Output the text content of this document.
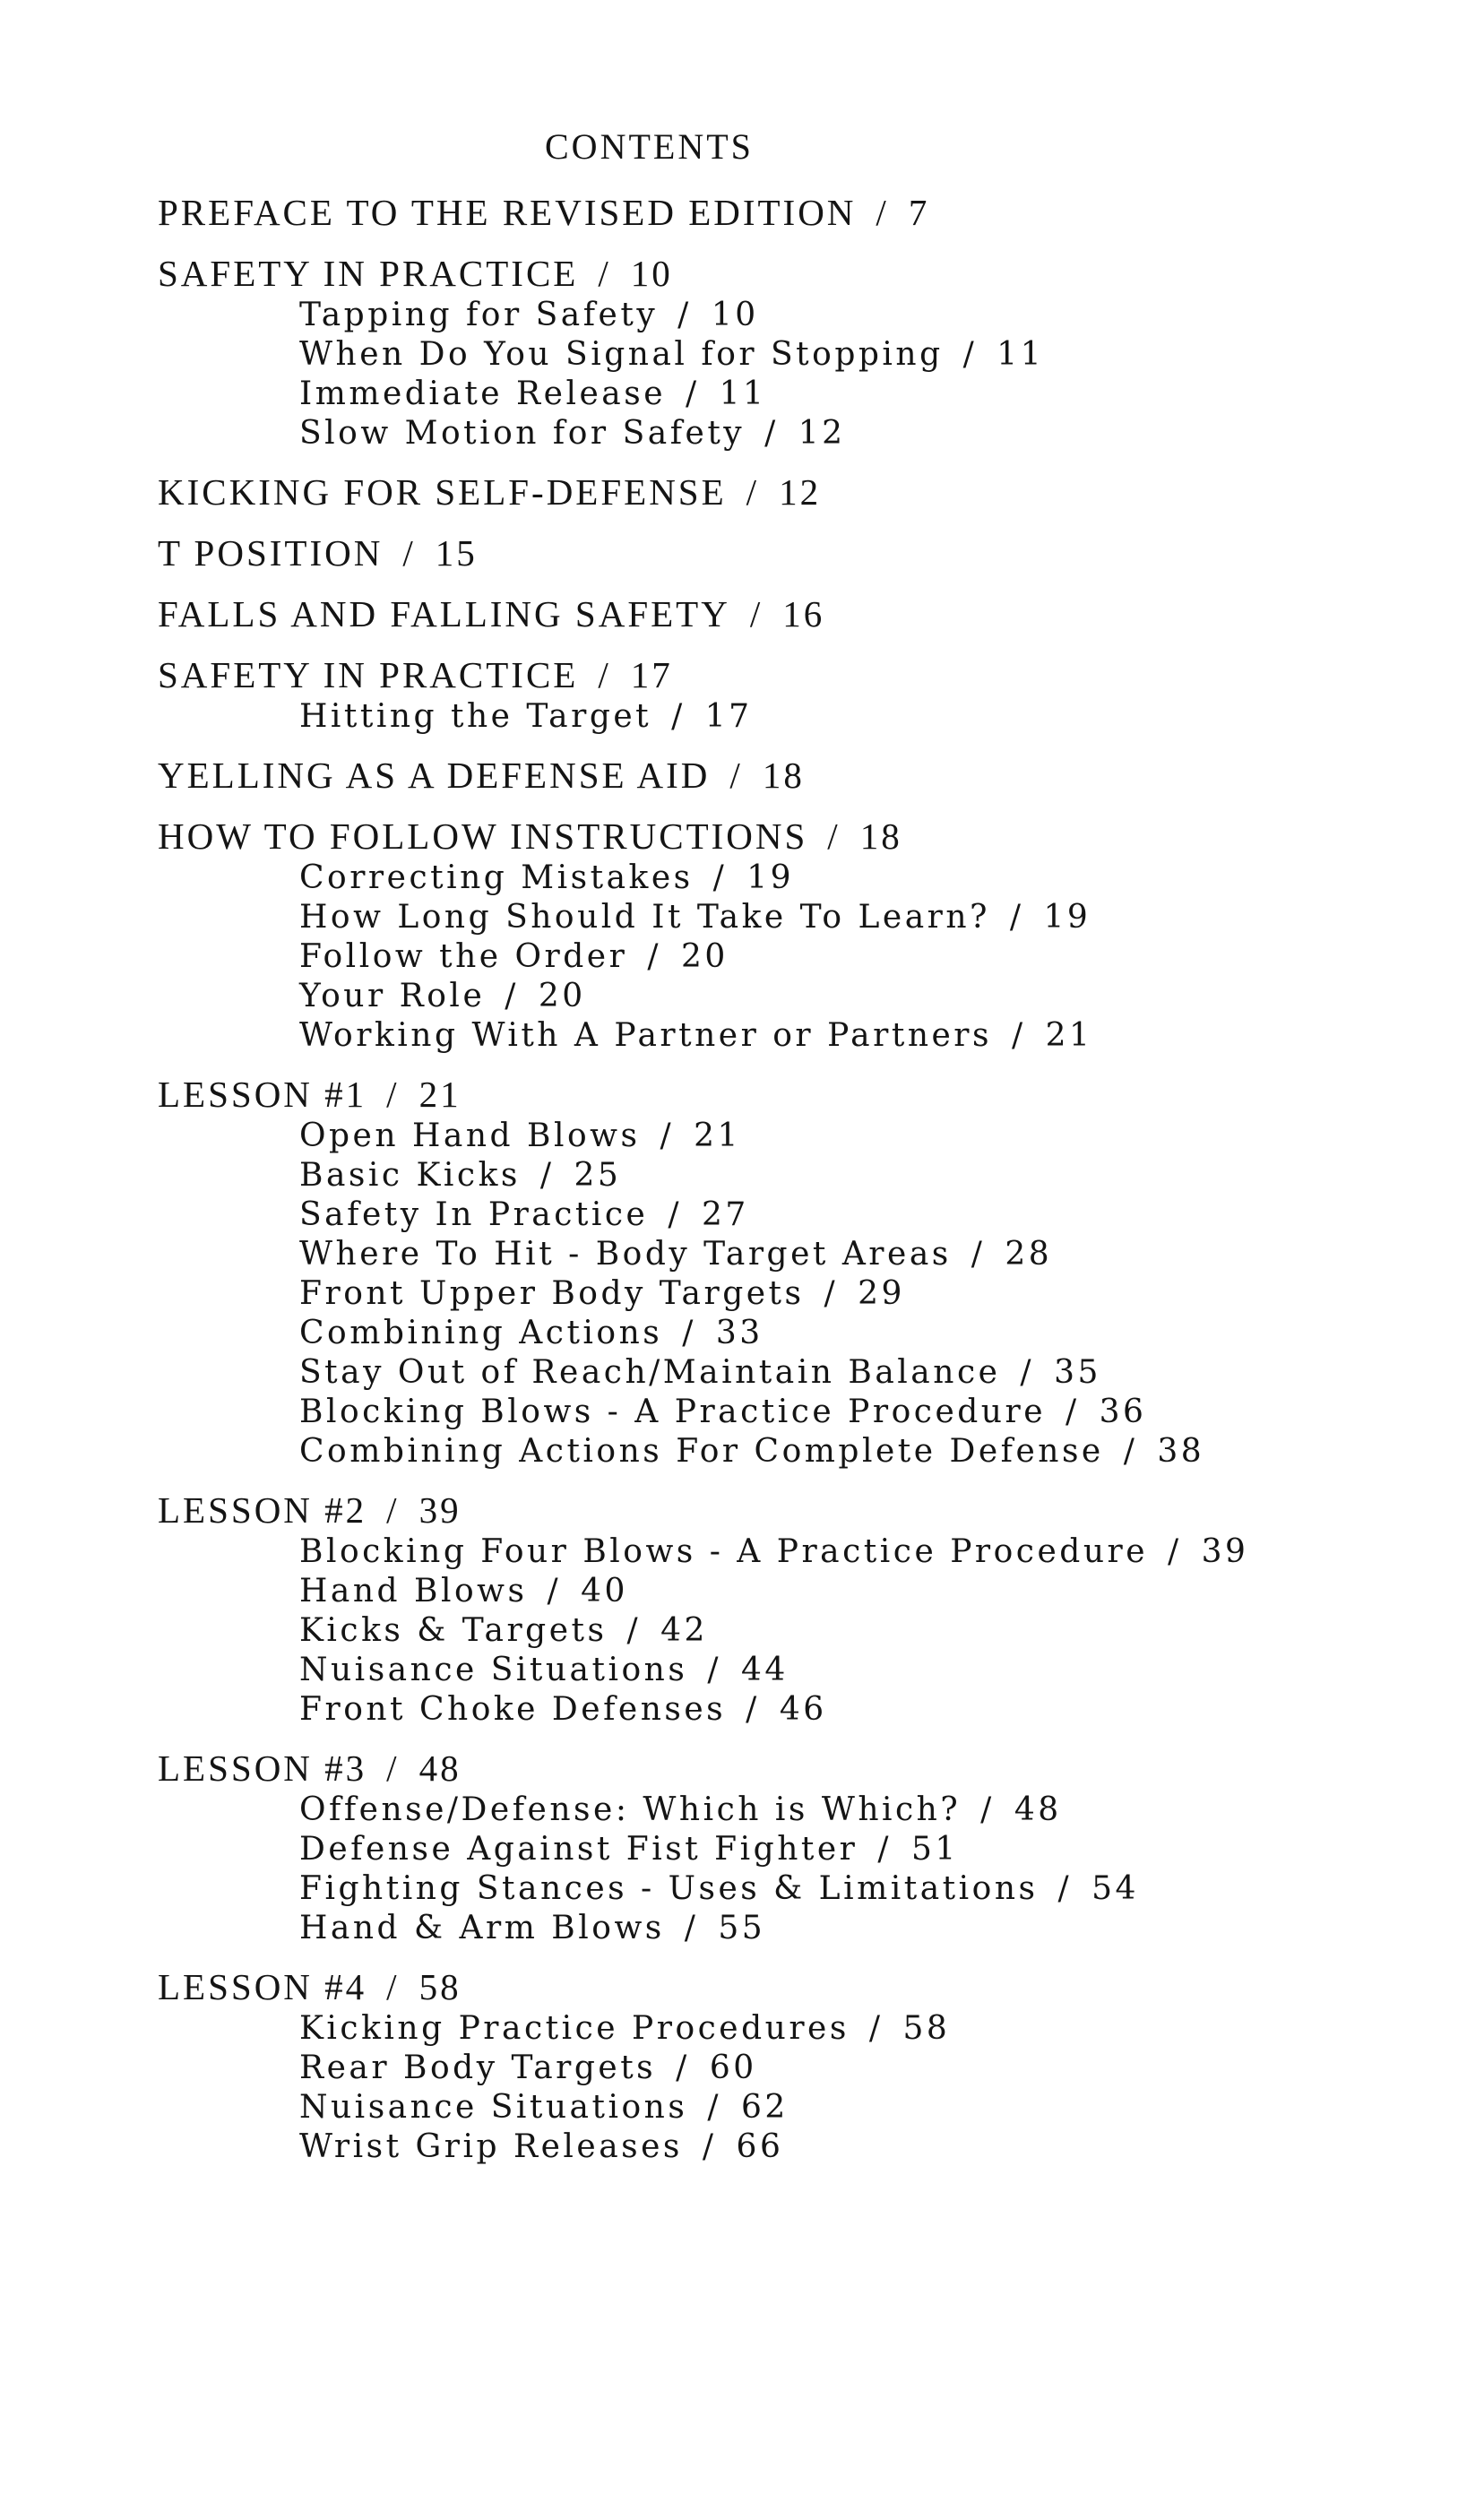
CONTENTS
PREFACE TO THE REVISED EDITION / 7
SAFETY IN PRACTICE / 10
Tapping for Safety / 10
When Do You Signal for Stopping / 11
Immediate Release / 11
Slow Motion for Safety / 12
KICKING FOR SELF-DEFENSE / 12
T POSITION / 15
FALLS AND FALLING SAFETY / 16
SAFETY IN PRACTICE / 17
Hitting the Target / 17
YELLING AS A DEFENSE AID / 18
HOW TO FOLLOW INSTRUCTIONS / 18
Correcting Mistakes / 19
How Long Should It Take To Learn? / 19
Follow the Order / 20
Your Role / 20
Working With A Partner or Partners / 21
LESSON #1 / 21
Open Hand Blows / 21
Basic Kicks / 25
Safety In Practice / 27
Where To Hit - Body Target Areas / 28
Front Upper Body Targets / 29
Combining Actions / 33
Stay Out of Reach/Maintain Balance / 35
Blocking Blows - A Practice Procedure / 36
Combining Actions For Complete Defense / 38
LESSON #2 / 39
Blocking Four Blows - A Practice Procedure / 39
Hand Blows / 40
Kicks & Targets / 42
Nuisance Situations / 44
Front Choke Defenses / 46
LESSON #3 / 48
Offense/Defense: Which is Which? / 48
Defense Against Fist Fighter / 51
Fighting Stances - Uses & Limitations / 54
Hand & Arm Blows / 55
LESSON #4 / 58
Kicking Practice Procedures / 58
Rear Body Targets / 60
Nuisance Situations / 62
Wrist Grip Releases / 66
